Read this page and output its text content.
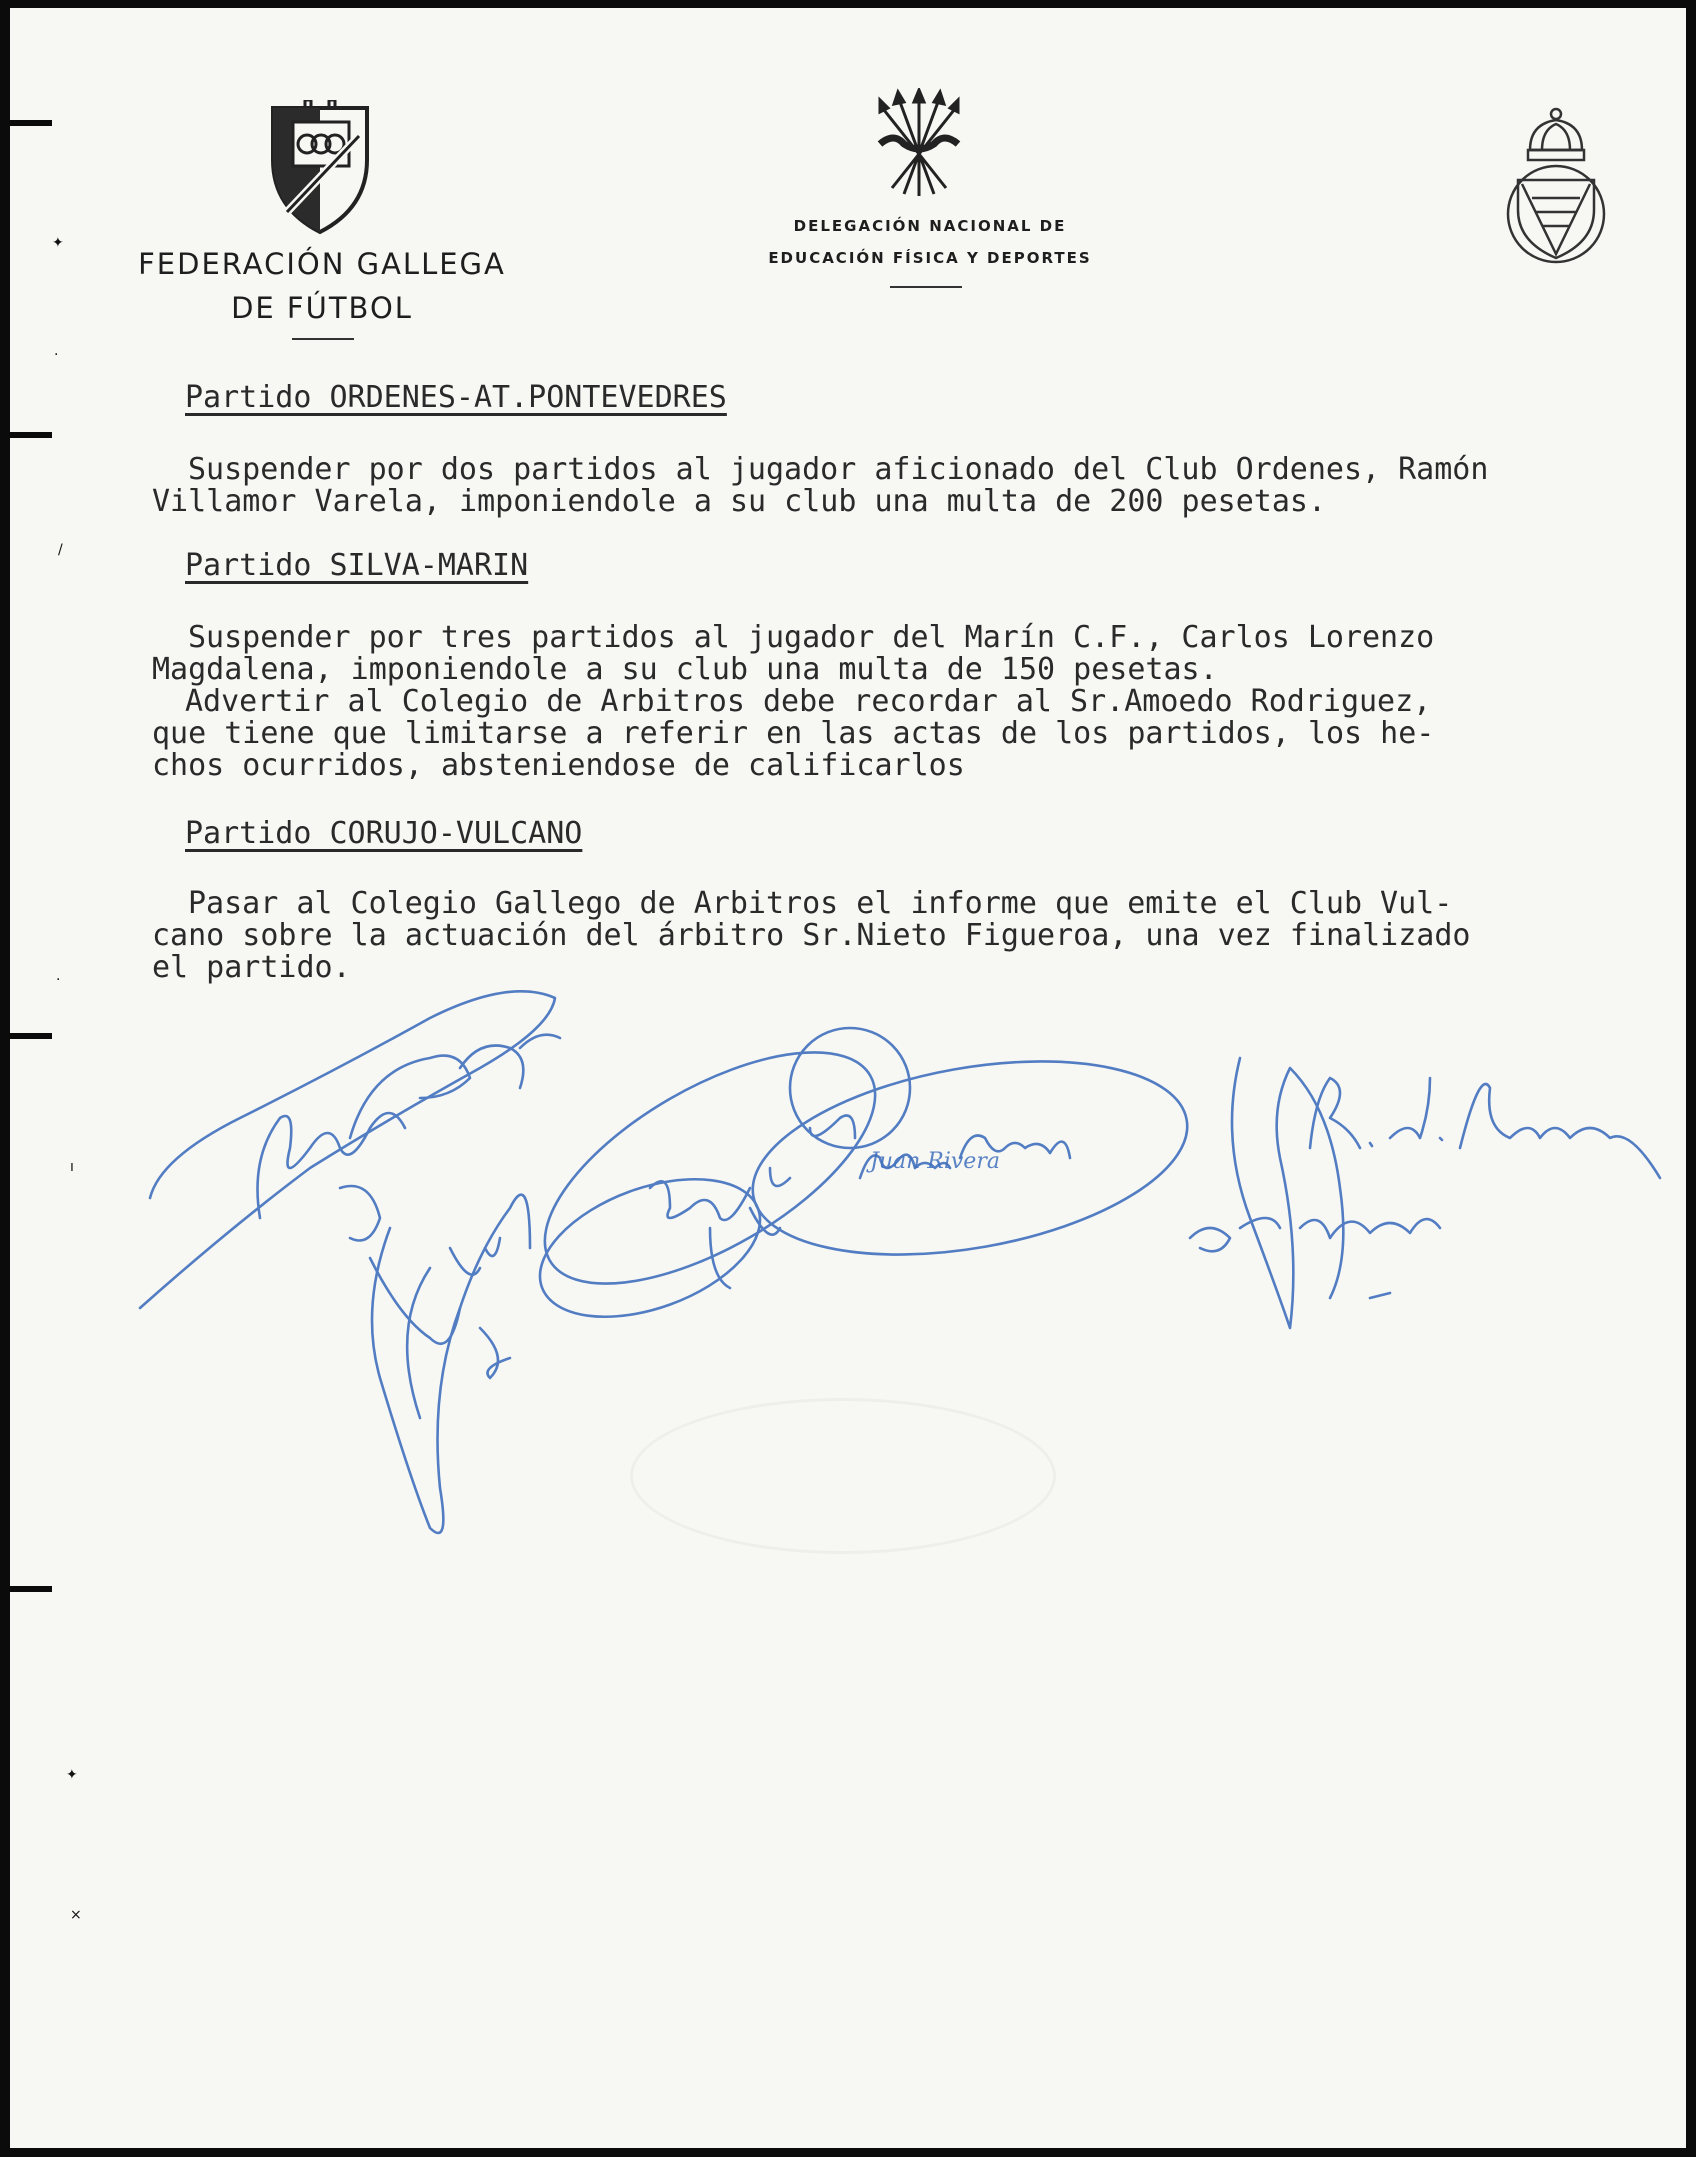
✦
·
/
·
ı
✦
×
FEDERACIÓN GALLEGA
DE FÚTBOL
DELEGACIÓN NACIONAL DE
EDUCACIÓN FÍSICA Y DEPORTES
Partido ORDENES-AT.PONTEVEDRES
Suspender por dos partidos al jugador aficionado del Club Ordenes, Ramón
Villamor Varela, imponiendole a su club una multa de 200 pesetas.
Partido SILVA-MARIN
Suspender por tres partidos al jugador del Marín C.F., Carlos Lorenzo
Magdalena, imponiendole a su club una multa de 150 pesetas.
Advertir al Colegio de Arbitros debe recordar al Sr.Amoedo Rodriguez,
que tiene que limitarse a referir en las actas de los partidos, los he-
chos ocurridos, absteniendose de calificarlos
Partido CORUJO-VULCANO
Pasar al Colegio Gallego de Arbitros el informe que emite el Club Vul-
cano sobre la actuación del árbitro Sr.Nieto Figueroa, una vez finalizado
el partido.
Juan Rivera
